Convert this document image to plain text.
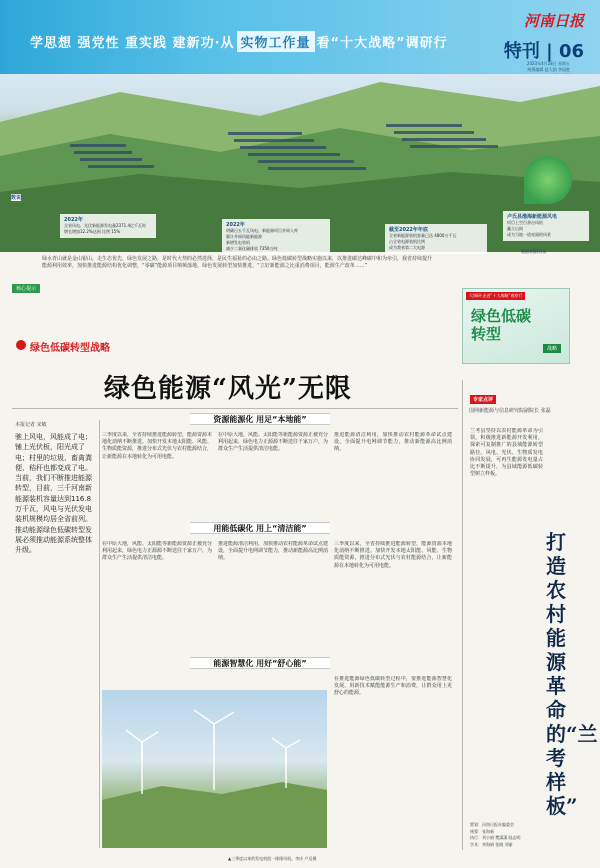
学思想 强党性 重实践 建新功·从 实物工作量 看“十大战略”调研行
河南日报
特刊 | 06
2023年4月28日 星期五
统筹编辑 赵大国 李国胜
数说
2022年
全省风电、光伏新能源发电量2371.4亿千瓦时
增长增加12.2%达到 比例 15%
2022年
明确日五千瓦风电、新能源项目并网入库
累计并网风能新能源
新增发电装机
减少二氧化碳排放 7350万吨
截至2022年年底
全省新能源装机容量已达 4800万千瓦
占全省电源装机比例
成为我省第二大电源
卢氏县渤海新能源风电
项目上空百余台风机
矗立山间
成为当地一道亮丽的风景
数据来源/河南
核心提示
绿水青山就是金山银山。走生态优先、绿色发展之路，是时代大势的必然选择，是民生福祉的必由之路。绿色低碳转型战略实施以来，以推进碳达峰碳中和为牵引，我省持续提升能源利用效率，加快推进能源结构优化调整，“零碳”能源项目频频落地、绿色发展转型加快推进。“立好新能源之比重消费项目，能源生产改革……”
大调研·走进“十大战略”观察行
绿色低碳
转型
战略
绿色低碳转型战略
绿色能源“风光”无限
本报记者 宋敏
驰上风电，风能成了电；铺上光伏板，阳光成了电；村里的垃圾、畜禽粪便、秸秆也都变成了电。当前，我们不断推进能源转型，目前，三千河南新能源装机容量达到116.8万千瓦，风电与光伏发电装机规模均居全省前列。推动能源绿色低碳转型发展必须推动能源系统整体升级。
资源能源化 用足“本地能”
三季度以来，全省持续推进能源转型，能源资源本地化消纳不断推进。加快开发本地太阳能、风能、生物质能资源，推进分布式光伏与农村能源结合，让新能源在本地转化为可用电能。
在中原大地，风能、太阳能等新能源资源正被充分利用起来，绿色电力正源源不断送往千家万户，为群众生产生活提供清洁电能。
推进能源清洁利用，加快推动农村能源革命试点建设，全面提升电网调节能力，推动新能源高比例消纳。
用能低碳化 用上“清洁能”
在中原大地，风能、太阳能等新能源资源正被充分利用起来，绿色电力正源源不断送往千家万户，为群众生产生活提供清洁电能。
推进能源清洁利用，加快推动农村能源革命试点建设，全面提升电网调节能力，推动新能源高比例消纳。
三季度以来，全省持续推进能源转型，能源资源本地化消纳不断推进。加快开发本地太阳能、风能、生物质能资源，推进分布式光伏与农村能源结合，让新能源在本地转化为可用电能。
能源智慧化 用好“舒心能”
在推进能源绿色低碳转型过程中，要推进能源智慧化发展，用新技术赋能能源生产和消费，让群众用上更舒心的能源。
▲三季度以来的发电机组一排排风机。李庆 户迈摄
专家点评
国网新能源与信息研究院副院长 张磊
兰考县坚持以农村能源革命为引领，积极推进新能源开发利用，探索可复制推广的县域能源转型路径。风电、光伏、生物质发电协同发展，可再生能源发电量占比不断提升，为县域能源低碳转型树立样板。
打造农村能源革命的“兰考样板”
策划：河南日报社编委会
统筹：张海新
执行：刘小娟 樊潇潇 陆志明
学具：李海娟 张晓 刘丽
